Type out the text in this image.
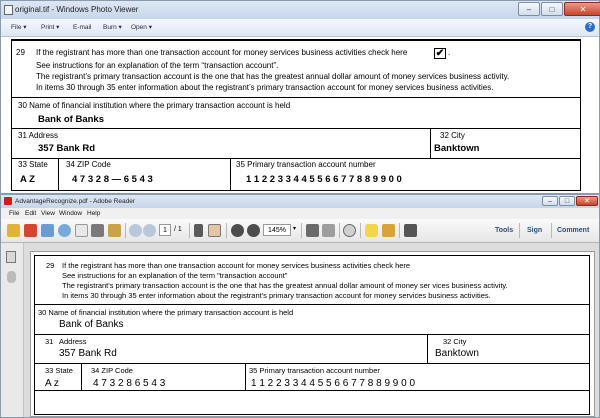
original.tif - Windows Photo Viewer	–	□	✕
File ▾ Print ▾ E-mail Burn ▾ Open ▾	?
29 If the registrant has more than one transaction account for money services business activities check here	✔ .
See instructions for an explanation of the term “transaction account”.
The registrant’s primary transaction account is the one that has the greatest annual dollar amount of money services business activity.
In items 30 through 35 enter information about the registrant’s primary transaction account for money services business activities.
30 Name of financial institution where the primary transaction account is held
Bank of Banks
31 Address
357 Bank Rd
32 City
Banktown
33 State
A Z
34 ZIP Code
4 7 3 2 8 — 6 5 4 3
35 Primary transaction account number
1 1 2 2 3 3 4 4 5 5 6 6 7 7 8 8 9 9 0 0
AdvantageRecognize.pdf - Adobe Reader	–	□	✕
File Edit View Window Help
1	/ 1	145%	▾	Tools Sign Comment
29 If the registrant has more than one transaction account for money services business activities check here
See instructions for an explanation of the term "transaction account"
The registrant's primary transaction account is the one that has the greatest annual dollar amount of money ser vices business activity.
In items 30 through 35 enter information about the registrant's primary transaction account for money services business activities.
30 Name of financial institution where the primary transaction account is held
Bank of Banks
31 Address
357 Bank Rd
32 City
Banktown
33 State
A z
34 ZIP Code
4 7 3 2 8 6 5 4 3
35 Primary transaction account number
1 1 2 2 3 3 4 4 5 5 6 6 7 7 8 8 9 9 0 0
